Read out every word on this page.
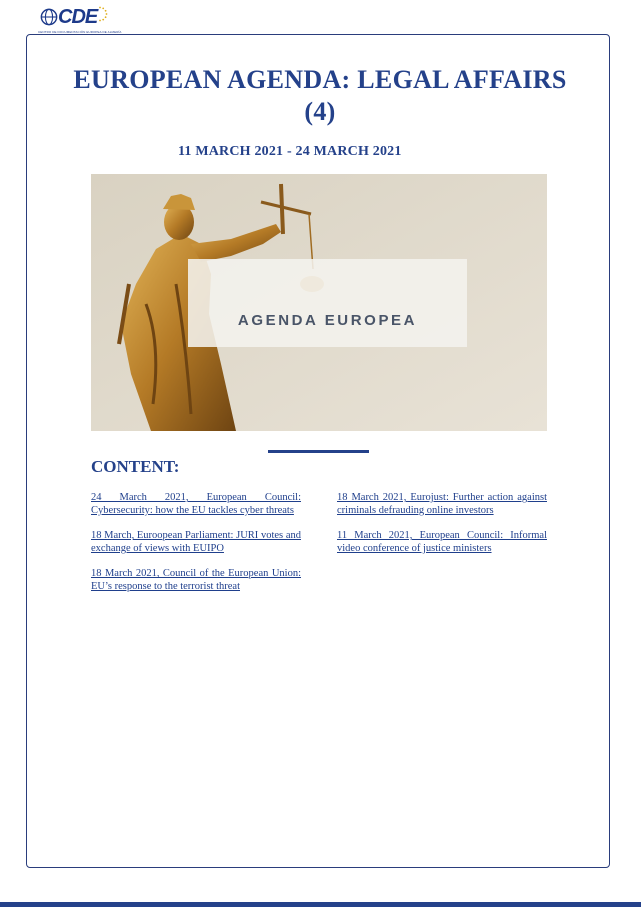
CDE
CENTRO DE DOCUMENTACIÓN EUROPEA DE ALMERÍA
EUROPEAN AGENDA: LEGAL AFFAIRS (4)
11 MARCH 2021 - 24 MARCH 2021
AGENDA EUROPEA
CONTENT:
24 March 2021, European Council: Cybersecurity: how the EU tackles cyber threats
18 March, Euroopean Parliament: JURI votes and exchange of views with EUIPO
18 March 2021, Council of the European Union: EU’s response to the terrorist threat
18 March 2021, Eurojust: Further action against criminals defrauding online investors
11 March 2021, European Council: Informal video conference of justice ministers
